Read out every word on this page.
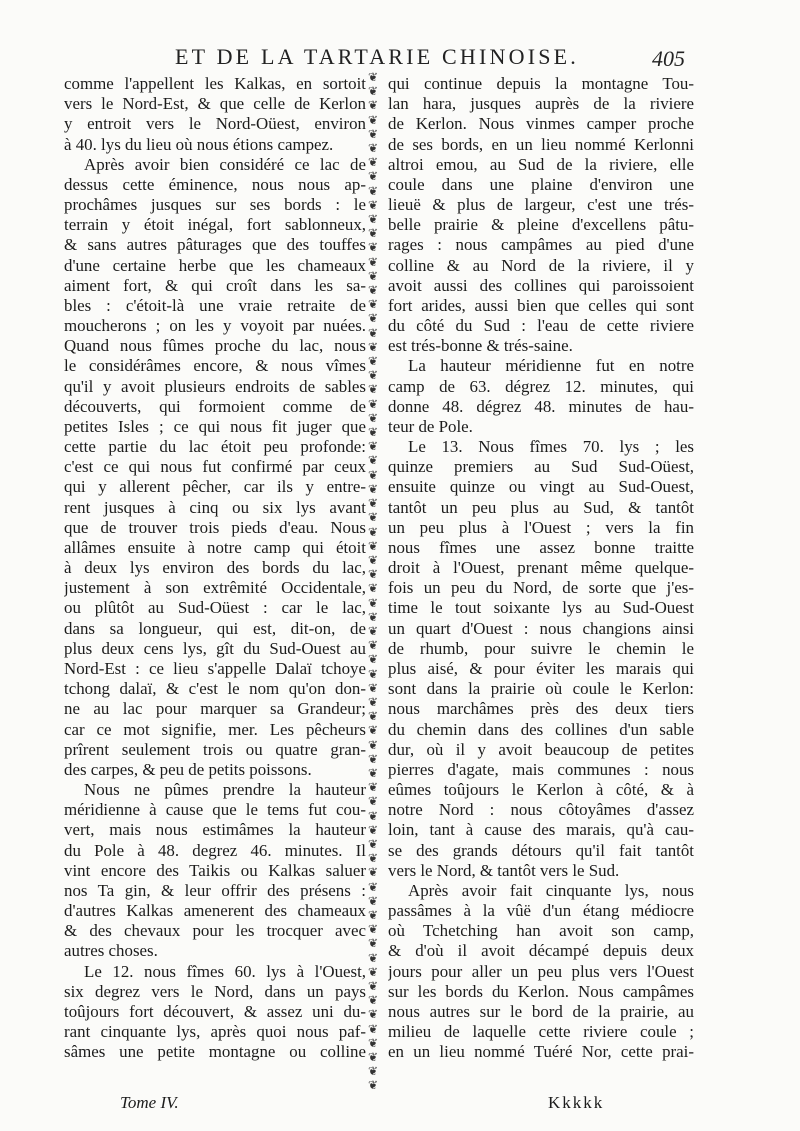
ET DE LA TARTARIE CHINOISE.	405
comme l'appellent les Kalkas, en sortoit
vers le Nord-Est, & que celle de Kerlon
y entroit vers le Nord-Oüest, environ
à 40. lys du lieu où nous étions campez.
Après avoir bien considéré ce lac de
dessus cette éminence, nous nous ap-
prochâmes jusques sur ses bords : le
terrain y étoit inégal, fort sablonneux,
& sans autres pâturages que des touffes
d'une certaine herbe que les chameaux
aiment fort, & qui croît dans les sa-
bles : c'étoit-là une vraie retraite de
moucherons ; on les y voyoit par nuées.
Quand nous fûmes proche du lac, nous
le considérâmes encore, & nous vîmes
qu'il y avoit plusieurs endroits de sables
découverts, qui formoient comme de
petites Isles ; ce qui nous fit juger que
cette partie du lac étoit peu profonde:
c'est ce qui nous fut confirmé par ceux
qui y allerent pêcher, car ils y entre-
rent jusques à cinq ou six lys avant
que de trouver trois pieds d'eau. Nous
allâmes ensuite à notre camp qui étoit
à deux lys environ des bords du lac,
justement à son extrêmité Occidentale,
ou plûtôt au Sud-Oüest : car le lac,
dans sa longueur, qui est, dit-on, de
plus deux cens lys, gît du Sud-Ouest au
Nord-Est : ce lieu s'appelle Dalaï tchoye
tchong dalaï, & c'est le nom qu'on don-
ne au lac pour marquer sa Grandeur;
car ce mot signifie, mer. Les pêcheurs
prîrent seulement trois ou quatre gran-
des carpes, & peu de petits poissons.
Nous ne pûmes prendre la hauteur
méridienne à cause que le tems fut cou-
vert, mais nous estimâmes la hauteur
du Pole à 48. degrez 46. minutes. Il
vint encore des Taikis ou Kalkas saluer
nos Ta gin, & leur offrir des présens :
d'autres Kalkas amenerent des chameaux
& des chevaux pour les trocquer avec
autres choses.
Le 12. nous fîmes 60. lys à l'Ouest,
six degrez vers le Nord, dans un pays
toûjours fort découvert, & assez uni du-
rant cinquante lys, après quoi nous paf-
sâmes une petite montagne ou colline
❦
❦
❦
❦
❦
❦
❦
❦
❦
❦
❦
❦
❦
❦
❦
❦
❦
❦
❦
❦
❦
❦
❦
❦
❦
❦
❦
❦
❦
❦
❦
❦
❦
❦
❦
❦
❦
❦
❦
❦
❦
❦
❦
❦
❦
❦
❦
❦
❦
❦
❦
❦
❦
❦
❦
❦
❦
❦
❦
❦
❦
❦
❦
❦
❦
❦
❦
❦
❦
❦
❦
❦
qui continue depuis la montagne Tou-
lan hara, jusques auprès de la riviere
de Kerlon. Nous vinmes camper proche
de ses bords, en un lieu nommé Kerlonni
altroi emou, au Sud de la riviere, elle
coule dans une plaine d'environ une
lieuë & plus de largeur, c'est une trés-
belle prairie & pleine d'excellens pâtu-
rages : nous campâmes au pied d'une
colline & au Nord de la riviere, il y
avoit aussi des collines qui paroissoient
fort arides, aussi bien que celles qui sont
du côté du Sud : l'eau de cette riviere
est trés-bonne & trés-saine.
La hauteur méridienne fut en notre
camp de 63. dégrez 12. minutes, qui
donne 48. dégrez 48. minutes de hau-
teur de Pole.
Le 13. Nous fîmes 70. lys ; les
quinze premiers au Sud Sud-Oüest,
ensuite quinze ou vingt au Sud-Ouest,
tantôt un peu plus au Sud, & tantôt
un peu plus à l'Ouest ; vers la fin
nous fîmes une assez bonne traitte
droit à l'Ouest, prenant même quelque-
fois un peu du Nord, de sorte que j'es-
time le tout soixante lys au Sud-Ouest
un quart d'Ouest : nous changions ainsi
de rhumb, pour suivre le chemin le
plus aisé, & pour éviter les marais qui
sont dans la prairie où coule le Kerlon:
nous marchâmes près des deux tiers
du chemin dans des collines d'un sable
dur, où il y avoit beaucoup de petites
pierres d'agate, mais communes : nous
eûmes toûjours le Kerlon à côté, & à
notre Nord : nous côtoyâmes d'assez
loin, tant à cause des marais, qu'à cau-
se des grands détours qu'il fait tantôt
vers le Nord, & tantôt vers le Sud.
Après avoir fait cinquante lys, nous
passâmes à la vûë d'un étang médiocre
où Tchetching han avoit son camp,
& d'où il avoit décampé depuis deux
jours pour aller un peu plus vers l'Ouest
sur les bords du Kerlon. Nous campâmes
nous autres sur le bord de la prairie, au
milieu de laquelle cette riviere coule ;
en un lieu nommé Tuéré Nor, cette prai-
Tome IV.	Kkkkk
